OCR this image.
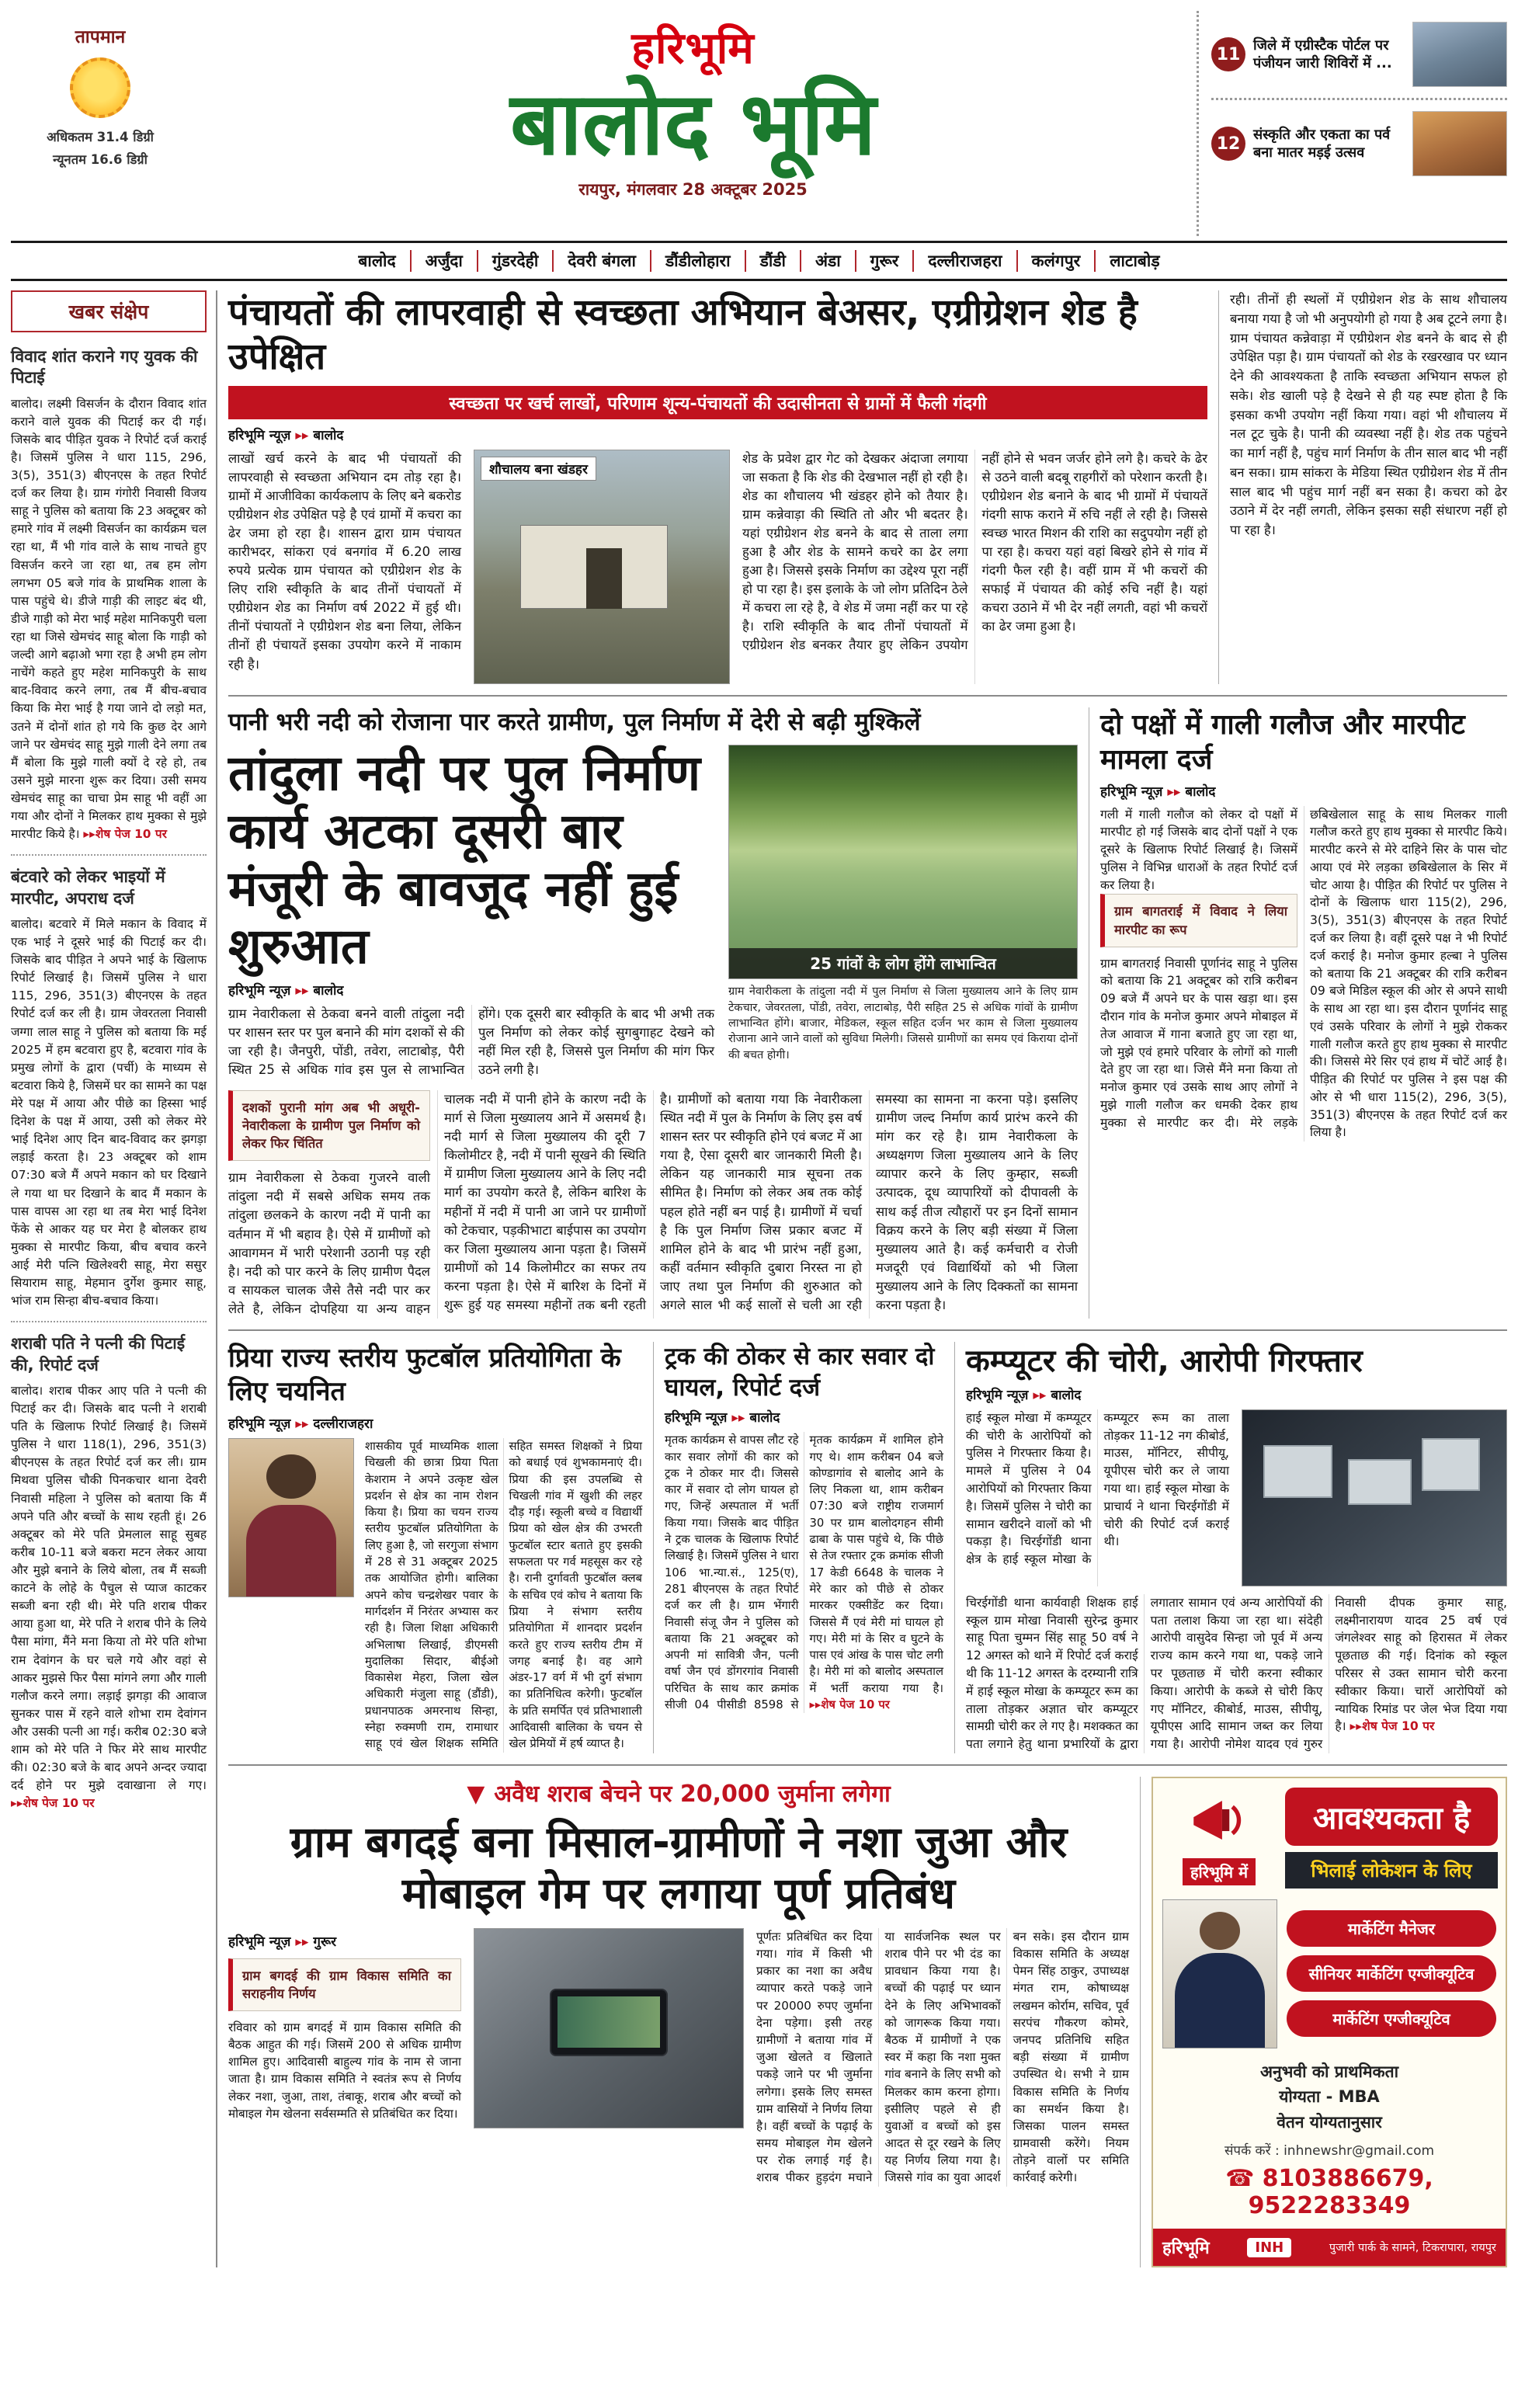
तापमान
अधिकतम 31.4 डिग्री
न्यूनतम 16.6 डिग्री
हरिभूमि
बालोद भूमि
रायपुर, मंगलवार 28 अक्टूबर 2025
11 जिले में एग्रीस्टैक पोर्टल पर पंजीयन जारी शिविरों में ...
12 संस्कृति और एकता का पर्व बना मातर मड़ई उत्सव
बालोद	अर्जुंदा	गुंडरदेही	देवरी बंगला	डौंडीलोहारा	डौंडी	अंडा	गुरूर	दल्लीराजहरा	कलंगपुर	लाटाबोड़
खबर संक्षेप
विवाद शांत कराने गए युवक की पिटाई

बालोद। लक्ष्मी विसर्जन के दौरान विवाद शांत कराने वाले युवक की पिटाई कर दी गई। जिसके बाद पीड़ित युवक ने रिपोर्ट दर्ज कराई है। जिसमें पुलिस ने धारा 115, 296, 3(5), 351(3) बीएनएस के तहत रिपोर्ट दर्ज कर लिया है। ग्राम गंगोरी निवासी विजय साहू ने पुलिस को बताया कि 23 अक्टूबर को हमारे गांव में लक्ष्मी विसर्जन का कार्यक्रम चल रहा था, मैं भी गांव वाले के साथ नाचते हुए विसर्जन करने जा रहा था, तब हम लोग लगभग 05 बजे गांव के प्राथमिक शाला के पास पहुंचे थे। डीजे गाड़ी की लाइट बंद थी, डीजे गाड़ी को मेरा भाई महेश मानिकपुरी चला रहा था जिसे खेमचंद साहू बोला कि गाड़ी को जल्दी आगे बढ़ाओ भगा रहा है अभी हम लोग नाचेंगे कहते हुए महेश मानिकपुरी के साथ बाद-विवाद करने लगा, तब मैं बीच-बचाव किया कि मेरा भाई है गया जाने दो लड़ो मत, उतने में दोनों शांत हो गये कि कुछ देर आगे जाने पर खेमचंद साहू मुझे गाली देने लगा तब मैं बोला कि मुझे गाली क्यों दे रहे हो, तब उसने मुझे मारना शुरू कर दिया। उसी समय खेमचंद साहू का चाचा प्रेम साहू भी वहीं आ गया और दोनों ने मिलकर हाथ मुक्का से मुझे मारपीट किये है। ▸▸शेष पेज 10 पर

बंटवारे को लेकर भाइयों में मारपीट, अपराध दर्ज

बालोद। बटवारे में मिले मकान के विवाद में एक भाई ने दूसरे भाई की पिटाई कर दी। जिसके बाद पीड़ित ने अपने भाई के खिलाफ रिपोर्ट लिखाई है। जिसमें पुलिस ने धारा 115, 296, 351(3) बीएनएस के तहत रिपोर्ट दर्ज कर ली है। ग्राम जेवरतला निवासी जग्गा लाल साहू ने पुलिस को बताया कि मई 2025 में हम बटवारा हुए है, बटवारा गांव के प्रमुख लोगों के द्वारा (पर्ची) के माध्यम से बटवारा किये है, जिसमें घर का सामने का पक्ष मेरे पक्ष में आया और पीछे का हिस्सा भाई दिनेश के पक्ष में आया, उसी को लेकर मेरे भाई दिनेश आए दिन बाद-विवाद कर झगड़ा लड़ाई करता है। 23 अक्टूबर को शाम 07:30 बजे मैं अपने मकान को घर दिखाने ले गया था घर दिखाने के बाद मैं मकान के पास वापस आ रहा था तब मेरा भाई दिनेश फेंके से आकर यह घर मेरा है बोलकर हाथ मुक्का से मारपीट किया, बीच बचाव करने आई मेरी पत्नि खिलेश्वरी साहू, मेरा ससुर सियाराम साहू, मेहमान दुर्गेश कुमार साहू, भांज राम सिन्हा बीच-बचाव किया।

शराबी पति ने पत्नी की पिटाई की, रिपोर्ट दर्ज

बालोद। शराब पीकर आए पति ने पत्नी की पिटाई कर दी। जिसके बाद पत्नी ने शराबी पति के खिलाफ रिपोर्ट लिखाई है। जिसमें पुलिस ने धारा 118(1), 296, 351(3) बीएनएस के तहत रिपोर्ट दर्ज कर ली। ग्राम मिथवा पुलिस चौकी पिनकचार थाना देवरी निवासी महिला ने पुलिस को बताया कि मैं अपने पति और बच्चों के साथ रहती हूं। 26 अक्टूबर को मेरे पति प्रेमलाल साहू सुबह करीब 10-11 बजे बकरा मटन लेकर आया और मुझे बनाने के लिये बोला, तब मैं सब्जी काटने के लोहे के पैचुल से प्याज काटकर सब्जी बना रही थी। मेरे पति शराब पीकर आया हुआ था, मेरे पति ने शराब पीने के लिये पैसा मांगा, मैंने मना किया तो मेरे पति शोभा राम देवांगन के घर चले गये और वहां से आकर मुझसे फिर पैसा मांगने लगा और गाली गलौज करने लगा। लड़ाई झगड़ा की आवाज सुनकर पास में रहने वाले शोभा राम देवांगन और उसकी पत्नी आ गई। करीब 02:30 बजे शाम को मेरे पति ने फिर मेरे साथ मारपीट की। 02:30 बजे के बाद अपने अन्दर ज्यादा दर्द होने पर मुझे दवाखाना ले गए। ▸▸शेष पेज 10 पर

पंचायतों की लापरवाही से स्वच्छता अभियान बेअसर, एग्रीग्रेशन शेड है उपेक्षित
स्वच्छता पर खर्च लाखों, परिणाम शून्य-पंचायतों की उदासीनता से ग्रामों में फैली गंदगी
हरिभूमि न्यूज़ ▸▸ बालोद
लाखों खर्च करने के बाद भी पंचायतों की लापरवाही से स्वच्छता अभियान दम तोड़ रहा है। ग्रामों में आजीविका कार्यकलाप के लिए बने बकरोड एग्रीग्रेशन शेड उपेक्षित पड़े है एवं ग्रामों में कचरा का ढेर जमा हो रहा है। शासन द्वारा ग्राम पंचायत कारीभदर, सांकरा एवं बनगांव में 6.20 लाख रुपये प्रत्येक ग्राम पंचायत को एग्रीग्रेशन शेड के लिए राशि स्वीकृति के बाद तीनों पंचायतों में एग्रीग्रेशन शेड का निर्माण वर्ष 2022 में हुई थी। तीनों पंचायतों ने एग्रीग्रेशन शेड बना लिया, लेकिन तीनों ही पंचायतें इसका उपयोग करने में नाकाम रही है।
शौचालय बना खंडहर
शेड के प्रवेश द्वार गेट को देखकर अंदाजा लगाया जा सकता है कि शेड की देखभाल नहीं हो रही है। शेड का शौचालय भी खंडहर होने को तैयार है। ग्राम कन्नेवाड़ा की स्थिति तो और भी बदतर है। यहां एग्रीग्रेशन शेड बनने के बाद से ताला लगा हुआ है और शेड के सामने कचरे का ढेर लगा हुआ है। जिससे इसके निर्माण का उद्देश्य पूरा नहीं हो पा रहा है। इस इलाके के जो लोग प्रतिदिन ठेले में कचरा ला रहे है, वे शेड में जमा नहीं कर पा रहे है। राशि स्वीकृति के बाद तीनों पंचायतों में एग्रीग्रेशन शेड बनकर तैयार हुए लेकिन उपयोग नहीं होने से भवन जर्जर होने लगे है। कचरे के ढेर से उठने वाली बदबू राहगीरों को परेशान करती है। एग्रीग्रेशन शेड बनाने के बाद भी ग्रामों में पंचायतें गंदगी साफ कराने में रुचि नहीं ले रही है। जिससे स्वच्छ भारत मिशन की राशि का सदुपयोग नहीं हो पा रहा है। कचरा यहां वहां बिखरे होने से गांव में गंदगी फैल रही है। वहीं ग्राम में भी कचरों की सफाई में पंचायत की कोई रुचि नहीं है। यहां कचरा उठाने में भी देर नहीं लगती, वहां भी कचरों का ढेर जमा हुआ है।
रही। तीनों ही स्थलों में एग्रीग्रेशन शेड के साथ शौचालय बनाया गया है जो भी अनुपयोगी हो गया है अब टूटने लगा है। ग्राम पंचायत कन्नेवाड़ा में एग्रीग्रेशन शेड बनने के बाद से ही उपेक्षित पड़ा है। ग्राम पंचायतों को शेड के रखरखाव पर ध्यान देने की आवश्यकता है ताकि स्वच्छता अभियान सफल हो सके। शेड खाली पड़े है देखने से ही यह स्पष्ट होता है कि इसका कभी उपयोग नहीं किया गया। वहां भी शौचालय में नल टूट चुके है। पानी की व्यवस्था नहीं है। शेड तक पहुंचने का मार्ग नहीं है, पहुंच मार्ग निर्माण के तीन साल बाद भी नहीं बन सका। ग्राम सांकरा के मेडिया स्थित एग्रीग्रेशन शेड में तीन साल बाद भी पहुंच मार्ग नहीं बन सका है। कचरा को ढेर उठाने में देर नहीं लगती, लेकिन इसका सही संधारण नहीं हो पा रहा है।
पानी भरी नदी को रोजाना पार करते ग्रामीण, पुल निर्माण में देरी से बढ़ी मुश्किलें
तांदुला नदी पर पुल निर्माण कार्य अटका दूसरी बार मंजूरी के बावजूद नहीं हुई शुरुआत
हरिभूमि न्यूज़ ▸▸ बालोद
ग्राम नेवारीकला से ठेकवा बनने वाली तांदुला नदी पर शासन स्तर पर पुल बनाने की मांग दशकों से की जा रही है। जैनपुरी, पोंडी, तवेरा, लाटाबोड़, पैरी स्थित 25 से अधिक गांव इस पुल से लाभान्वित होंगे। एक दूसरी बार स्वीकृति के बाद भी अभी तक पुल निर्माण को लेकर कोई सुगबुगाहट देखने को नहीं मिल रही है, जिससे पुल निर्माण की मांग फिर उठने लगी है।
25 गांवों के लोग होंगे लाभान्वित
ग्राम नेवारीकला के तांदुला नदी में पुल निर्माण से जिला मुख्यालय आने के लिए ग्राम टेकचार, जेवरतला, पोंडी, तवेरा, लाटाबोड़, पैरी सहित 25 से अधिक गांवों के ग्रामीण लाभान्वित होंगे। बाजार, मेडिकल, स्कूल सहित दर्जन भर काम से जिला मुख्यालय रोजाना आने जाने वालों को सुविधा मिलेगी। जिससे ग्रामीणों का समय एवं किराया दोनों की बचत होगी।
दशकों पुरानी मांग अब भी अधूरी-नेवारीकला के ग्राम‍ीण पुल निर्माण को लेकर फिर चिंतित
ग्राम नेवारीकला से ठेकवा गुजरने वाली तांदुला नदी में सबसे अधिक समय तक तांदुला छलकने के कारण नदी में पानी का वर्तमान में भी बहाव है। ऐसे में ग्रामीणों को आवागमन में भारी परेशानी उठानी पड़ रही है। नदी को पार करने के लिए ग्रामीण पैदल व सायकल चालक जैसे तैसे नदी पार कर लेते है, लेकिन दोपहिया या अन्य वाहन चालक नदी में पानी होने के कारण नदी के मार्ग से जिला मुख्यालय आने में असमर्थ है। नदी मार्ग से जिला मुख्यालय की दूरी 7 किलोमीटर है, नदी में पानी सूखने की स्थिति में ग्रामीण जिला मुख्यालय आने के लिए नदी मार्ग का उपयोग करते है, लेकिन बारिश के महीनों में नदी में पानी आ जाने पर ग्रामीणों को टेकचार, पड़कीभाटा बाईपास का उपयोग कर जिला मुख्यालय आना पड़ता है। जिसमें ग्रामीणों को 14 किलोमीटर का सफर तय करना पड़ता है। ऐसे में बारिश के दिनों में शुरू हुई यह समस्या महीनों तक बनी रहती है। ग्रामीणों को बताया गया कि नेवारीकला स्थित नदी में पुल के निर्माण के लिए इस वर्ष शासन स्तर पर स्वीकृति होने एवं बजट में आ गया है, ऐसा दूसरी बार जानकारी मिली है। लेकिन यह जानकारी मात्र सूचना तक सीमित है। निर्माण को लेकर अब तक कोई पहल होते नहीं बन पाई है। ग्रामीणों में चर्चा है कि पुल निर्माण जिस प्रकार बजट में शामिल होने के बाद भी प्रारंभ नहीं हुआ, कहीं वर्तमान स्वीकृति दुबारा निरस्त ना हो जाए तथा पुल निर्माण की शुरुआत को अगले साल भी कई सालों से चली आ रही समस्या का सामना ना करना पड़े। इसलिए ग्रामीण जल्द निर्माण कार्य प्रारंभ करने की मांग कर रहे है। ग्राम नेवारीकला के अध्यक्षगण जिला मुख्यालय आने के लिए व्यापार करने के लिए कुम्हार, सब्जी उत्पादक, दूध व्यापारियों को दीपावली के साथ कई तीज त्यौहारों पर इन दिनों सामान विक्रय करने के लिए बड़ी संख्या में जिला मुख्यालय आते है। कई कर्मचारी व रोजी मजदूरी एवं विद्यार्थियों को भी जिला मुख्यालय आने के लिए दिक्कतों का सामना करना पड़ता है।
दो पक्षों में गाली गलौज और मारपीट मामला दर्ज
हरिभूमि न्यूज़ ▸▸ बालोद
गली में गाली गलौज को लेकर दो पक्षों में मारपीट हो गई जिसके बाद दोनों पक्षों ने एक दूसरे के खिलाफ रिपोर्ट लिखाई है। जिसमें पुलिस ने विभिन्न धाराओं के तहत रिपोर्ट दर्ज कर लिया है।
ग्राम बागतराई में विवाद ने लिया मारपीट का रूप
ग्राम बागतराई निवासी पूर्णानंद साहू ने पुलिस को बताया कि 21 अक्टूबर को रात्रि करीबन 09 बजे मैं अपने घर के पास खड़ा था। इस दौरान गांव के मनोज कुमार अपने मोबाइल में तेज आवाज में गाना बजाते हुए जा रहा था, जो मुझे एवं हमारे परिवार के लोगों को गाली देते हुए जा रहा था। जिसे मैंने मना किया तो मनोज कुमार एवं उसके साथ आए लोगों ने मुझे गाली गलौज कर धमकी देकर हाथ मुक्का से मारपीट कर दी। मेरे लड़के छबिखेलाल साहू के साथ मिलकर गाली गलौज करते हुए हाथ मुक्का से मारपीट किये। मारपीट करने से मेरे दाहिने सिर के पास चोट आया एवं मेरे लड़का छबिखेलाल के सिर में चोट आया है। पीड़ित की रिपोर्ट पर पुलिस ने दोनों के खिलाफ धारा 115(2), 296, 3(5), 351(3) बीएनएस के तहत रिपोर्ट दर्ज कर लिया है। वहीं दूसरे पक्ष ने भी रिपोर्ट दर्ज कराई है। मनोज कुमार हल्बा ने पुलिस को बताया कि 21 अक्टूबर की रात्रि करीबन 09 बजे मिडिल स्कूल की ओर से अपने साथी के साथ आ रहा था। इस दौरान पूर्णानंद साहू एवं उसके परिवार के लोगों ने मुझे रोककर गाली गलौज करते हुए हाथ मुक्का से मारपीट की। जिससे मेरे सिर एवं हाथ में चोटें आई है। पीड़ित की रिपोर्ट पर पुलिस ने इस पक्ष की ओर से भी धारा 115(2), 296, 3(5), 351(3) बीएनएस के तहत रिपोर्ट दर्ज कर लिया है।
प्रिया राज्य स्तरीय फुटबॉल प्रतियोगिता के लिए चयनित
हरिभूमि न्यूज़ ▸▸ दल्लीराजहरा
शासकीय पूर्व माध्यमिक शाला चिखली की छात्रा प्रिया पिता केशराम ने अपने उत्कृष्ट खेल प्रदर्शन से क्षेत्र का नाम रोशन किया है। प्रिया का चयन राज्य स्तरीय फुटबॉल प्रतियोगिता के लिए हुआ है, जो सरगुजा संभाग में 28 से 31 अक्टूबर 2025 तक आयोजित होगी। बालिका अपने कोच चन्द्रशेखर पवार के मार्गदर्शन में निरंतर अभ्यास कर रही है। जिला शिक्षा अधिकारी अभिलाषा लिखाई, डीएमसी मुदालिका सिदार, बीईओ विकासेश मेहरा, जिला खेल अधिकारी मंजुला साहू (डौंडी), प्रधानपाठक अमरनाथ सिन्हा, स्नेहा रुक्मणी राम, रामाधार साहू एवं खेल शिक्षक समिति सहित समस्त शिक्षकों ने प्रिया को बधाई एवं शुभकामनाएं दी। प्रिया की इस उपलब्धि से चिखली गांव में खुशी की लहर दौड़ गई। स्कूली बच्चे व विद्यार्थी प्रिया को खेल क्षेत्र की उभरती फुटबॉल स्टार बताते हुए इसकी सफलता पर गर्व महसूस कर रहे है। रानी दुर्गावती फुटबॉल क्लब के सचिव एवं कोच ने बताया कि प्रिया ने संभाग स्तरीय प्रतियोगिता में शानदार प्रदर्शन करते हुए राज्य स्तरीय टीम में जगह बनाई है। वह आगे अंडर-17 वर्ग में भी दुर्ग संभाग का प्रतिनिधित्व करेगी। फुटबॉल के प्रति समर्पित एवं प्रतिभाशाली आदिवासी बालिका के चयन से खेल प्रेमियों में हर्ष व्याप्त है।
ट्रक की ठोकर से कार सवार दो घायल, रिपोर्ट दर्ज
हरिभूमि न्यूज़ ▸▸ बालोद
मृतक कार्यक्रम से वापस लौट रहे कार सवार लोगों की कार को ट्रक ने ठोकर मार दी। जिससे कार में सवार दो लोग घायल हो गए, जिन्हें अस्पताल में भर्ती किया गया। जिसके बाद पीड़ित ने ट्रक चालक के खिलाफ रिपोर्ट लिखाई है। जिसमें पुलिस ने धारा 106 भा.न्या.सं., 125(ए), 281 बीएनएस के तहत रिपोर्ट दर्ज कर ली है। ग्राम भेंगारी निवासी संजू जैन ने पुलिस को बताया कि 21 अक्टूबर को अपनी मां सावित्री जैन, पत्नी वर्षा जैन एवं डोंगरगांव निवासी परिचित के साथ कार क्रमांक सीजी 04 पीसीडी 8598 से मृतक कार्यक्रम में शामिल होने गए थे। शाम करीबन 04 बजे कोण्डागांव से बालोद आने के लिए निकला था, शाम करीबन 07:30 बजे राष्ट्रीय राजमार्ग 30 पर ग्राम बालोदगहन सीमी ढाबा के पास पहुंचे थे, कि पीछे से तेज रफ्तार ट्रक क्रमांक सीजी 17 केडी 6648 के चालक ने मेरे कार को पीछे से ठोकर मारकर एक्सीडेंट कर दिया। जिससे मैं एवं मेरी मां घायल हो गए। मेरी मां के सिर व घुटने के पास एवं आंख के पास चोट लगी है। मेरी मां को बालोद अस्पताल में भर्ती कराया गया है। ▸▸शेष पेज 10 पर
कम्प्यूटर की चोरी, आरोपी गिरफ्तार
हरिभूमि न्यूज़ ▸▸ बालोद
हाई स्कूल मोखा में कम्प्यूटर की चोरी के आरोपियों को पुलिस ने गिरफ्तार किया है। मामले में पुलिस ने 04 आरोपियों को गिरफ्तार किया है। जिसमें पुलिस ने चोरी का सामान खरीदने वालों को भी पकड़ा है। चिरईगोंडी थाना क्षेत्र के हाई स्कूल मोखा के कम्प्यूटर रूम का ताला तोड़कर 11-12 नग कीबोर्ड, माउस, मॉनिटर, सीपीयू, यूपीएस चोरी कर ले जाया गया था। हाई स्कूल मोखा के प्राचार्य ने थाना चिरईगोंडी में चोरी की रिपोर्ट दर्ज कराई थी।
चिरईगोंडी थाना कार्यवाही शिक्षक हाई स्कूल ग्राम मोखा निवासी सुरेन्द्र कुमार साहू पिता चुम्मन सिंह साहू 50 वर्ष ने 12 अगस्त को थाने में रिपोर्ट दर्ज कराई थी कि 11-12 अगस्त के दरम्यानी रात्रि में हाई स्कूल मोखा के कम्प्यूटर रूम का ताला तोड़कर अज्ञात चोर कम्प्यूटर सामग्री चोरी कर ले गए है। मशक्कत का पता लगाने हेतु थाना प्रभारियों के द्वारा लगातार सामान एवं अन्य आरोपियों की पता तलाश किया जा रहा था। संदेही आरोपी वासुदेव सिन्हा जो पूर्व में अन्य राज्य काम करने गया था, पकड़े जाने पर पूछताछ में चोरी करना स्वीकार किया। आरोपी के कब्जे से चोरी किए गए मॉनिटर, कीबोर्ड, माउस, सीपीयू, यूपीएस आदि सामान जब्त कर लिया गया है। आरोपी नोमेश यादव एवं गुरुर निवासी दीपक कुमार साहू, लक्ष्मीनारायण यादव 25 वर्ष एवं जंगलेश्वर साहू को हिरासत में लेकर पूछताछ की गई। दिनांक को स्कूल परिसर से उक्त सामान चोरी करना स्वीकार किया। चारों आरोपियों को न्यायिक रिमांड पर जेल भेज दिया गया है। ▸▸शेष पेज 10 पर
▼ अवैध शराब बेचने पर 20,000 जुर्माना लगेगा
ग्राम बगदई बना मिसाल-ग्रामीणों ने नशा जुआ और मोबाइल गेम पर लगाया पूर्ण प्रतिबंध
हरिभूमि न्यूज़ ▸▸ गुरूर
ग्राम बगदई की ग्राम विकास समिति का सराहनीय निर्णय

रविवार को ग्राम बगदई में ग्राम विकास समिति की बैठक आहुत की गई। जिसमें 200 से अधिक ग्रामीण शामिल हुए। आदिवासी बाहुल्य गांव के नाम से जाना जाता है। ग्राम विकास समिति ने स्वतंत्र रूप से निर्णय लेकर नशा, जुआ, ताश, तंबाकू, शराब और बच्चों को मोबाइल गेम खेलना सर्वसम्मति से प्रतिबंधित कर दिया।

पूर्णतः प्रतिबंधित कर दिया गया। गांव में किसी भी प्रकार का नशा का अवैध व्यापार करते पकड़े जाने पर 20000 रुपए जुर्माना देना पड़ेगा। इसी तरह ग्रामीणों ने बताया गांव में जुआ खेलते व खिलाते पकड़े जाने पर भी जुर्माना लगेगा। इसके लिए समस्त ग्राम वासियों ने निर्णय लिया है। वहीं बच्चों के पढ़ाई के समय मोबाइल गेम खेलने पर रोक लगाई गई है। शराब पीकर हुड़दंग मचाने या सार्वजनिक स्थल पर शराब पीने पर भी दंड का प्रावधान किया गया है। बच्चों की पढ़ाई पर ध्यान देने के लिए अभिभावकों को जागरूक किया गया। बैठक में ग्रामीणों ने एक स्वर में कहा कि नशा मुक्त गांव बनाने के लिए सभी को मिलकर काम करना होगा। इसीलिए पहले से ही युवाओं व बच्चों को इस आदत से दूर रखने के लिए यह निर्णय लिया गया है। जिससे गांव का युवा आदर्श बन सके। इस दौरान ग्राम विकास समिति के अध्यक्ष पेमन सिंह ठाकुर, उपाध्यक्ष मंगत राम, कोषाध्यक्ष लखमन कोर्राम, सचिव, पूर्व सरपंच गौकरण कोमरे, जनपद प्रतिनिधि सहित बड़ी संख्या में ग्रामीण उपस्थित थे। सभी ने ग्राम विकास समिति के निर्णय का समर्थन किया है। जिसका पालन समस्त ग्रामवासी करेंगे। नियम तोड़ने वालों पर समिति कार्रवाई करेगी।
हरिभूमि में
आवश्यकता है
भिलाई लोकेशन के लिए
मार्केटिंग मैनेजर
सीनियर मार्केटिंग एग्जीक्यूटिव
मार्केटिंग एग्जीक्यूटिव
अनुभवी को प्राथमिकता
योग्यता - MBA
वेतन योग्यतानुसार
संपर्क करें : inhnewshr@gmail.com
☎ 8103886679, 9522283349
हरिभूमि	INH	पुजारी पार्क के सामने, टिकरापारा, रायपुर
